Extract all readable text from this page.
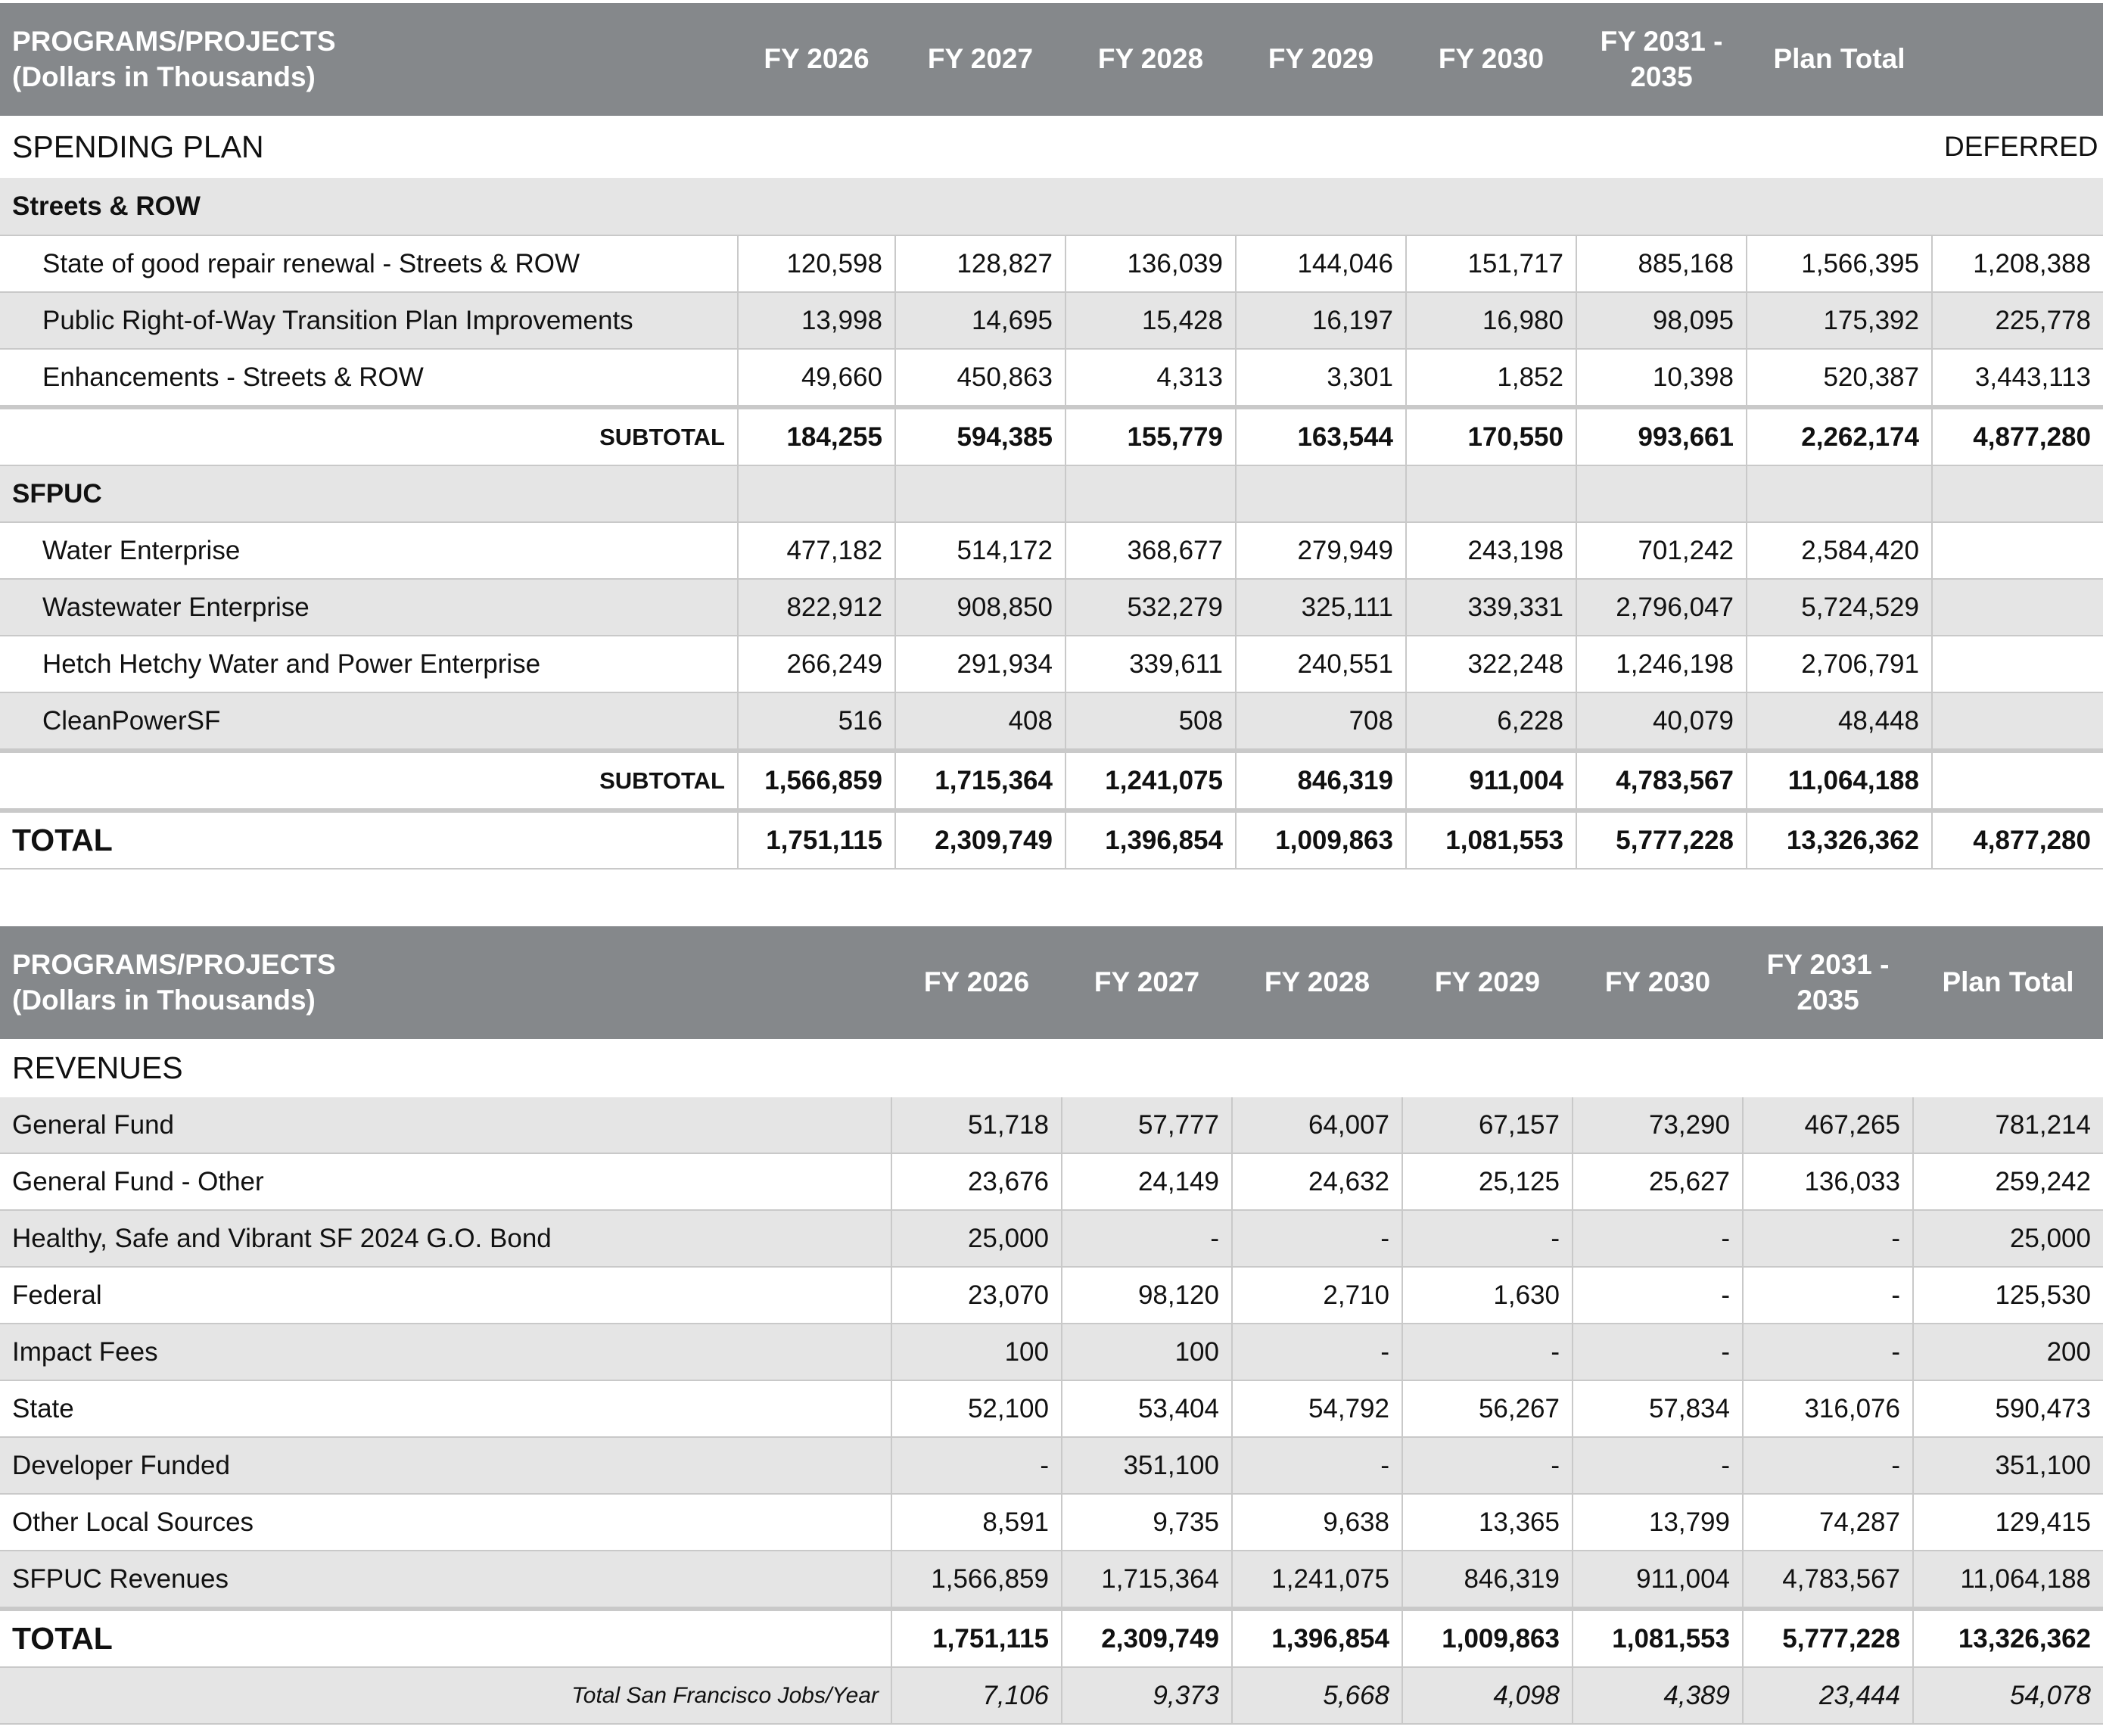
PROGRAMS/PROJECTS
(Dollars in Thousands)	FY 2026	FY 2027	FY 2028	FY 2029	FY 2030	FY 2031 -
2035	Plan Total	
SPENDING PLAN								DEFERRED
Streets & ROW								
State of good repair renewal - Streets & ROW	120,598	128,827	136,039	144,046	151,717	885,168	1,566,395	1,208,388
Public Right-of-Way Transition Plan Improvements	13,998	14,695	15,428	16,197	16,980	98,095	175,392	225,778
Enhancements - Streets & ROW	49,660	450,863	4,313	3,301	1,852	10,398	520,387	3,443,113
SUBTOTAL	184,255	594,385	155,779	163,544	170,550	993,661	2,262,174	4,877,280
SFPUC								
Water Enterprise	477,182	514,172	368,677	279,949	243,198	701,242	2,584,420	
Wastewater Enterprise	822,912	908,850	532,279	325,111	339,331	2,796,047	5,724,529	
Hetch Hetchy Water and Power Enterprise	266,249	291,934	339,611	240,551	322,248	1,246,198	2,706,791	
CleanPowerSF	516	408	508	708	6,228	40,079	48,448	
SUBTOTAL	1,566,859	1,715,364	1,241,075	846,319	911,004	4,783,567	11,064,188	
TOTAL	1,751,115	2,309,749	1,396,854	1,009,863	1,081,553	5,777,228	13,326,362	4,877,280
PROGRAMS/PROJECTS
(Dollars in Thousands)	FY 2026	FY 2027	FY 2028	FY 2029	FY 2030	FY 2031 -
2035	Plan Total
REVENUES							
General Fund	51,718	57,777	64,007	67,157	73,290	467,265	781,214
General Fund - Other	23,676	24,149	24,632	25,125	25,627	136,033	259,242
Healthy, Safe and Vibrant SF 2024 G.O. Bond	25,000	-	-	-	-	-	25,000
Federal	23,070	98,120	2,710	1,630	-	-	125,530
Impact Fees	100	100	-	-	-	-	200
State	52,100	53,404	54,792	56,267	57,834	316,076	590,473
Developer Funded	-	351,100	-	-	-	-	351,100
Other Local Sources	8,591	9,735	9,638	13,365	13,799	74,287	129,415
SFPUC Revenues	1,566,859	1,715,364	1,241,075	846,319	911,004	4,783,567	11,064,188
TOTAL	1,751,115	2,309,749	1,396,854	1,009,863	1,081,553	5,777,228	13,326,362
Total San Francisco Jobs/Year	7,106	9,373	5,668	4,098	4,389	23,444	54,078
